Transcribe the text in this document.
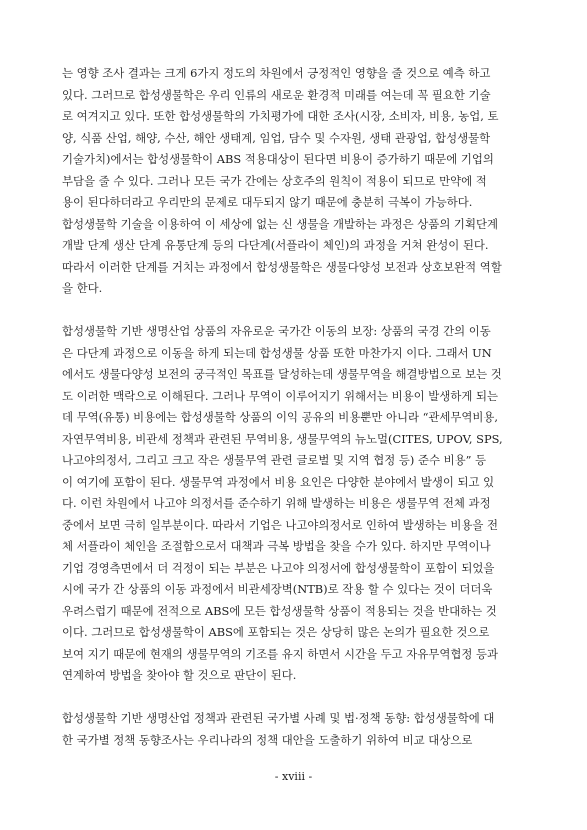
는 영향 조사 결과는 크게 6가지 정도의 차원에서 긍정적인 영향을 줄 것으로 예측 하고
있다. 그러므로 합성생물학은 우리 인류의 새로운 환경적 미래를 여는데 꼭 필요한 기술
로 여겨지고 있다. 또한 합성생물학의 가치평가에 대한 조사(시장, 소비자, 비용, 농업, 토
양, 식품 산업, 해양, 수산, 해안 생태계, 임업, 담수 및 수자원, 생태 관광업, 합성생물학
기술가치)에서는 합성생물학이 ABS 적용대상이 된다면 비용이 증가하기 때문에 기업의
부담을 줄 수 있다. 그러나 모든 국가 간에는 상호주의 원칙이 적용이 되므로 만약에 적
용이 된다하더라고 우리만의 문제로 대두되지 않기 때문에 충분히 극복이 가능하다.
합성생물학 기술을 이용하여 이 세상에 없는 신 생물을 개발하는 과정은 상품의 기획단계
개발 단계 생산 단계 유통단계 등의 다단계(서플라이 체인)의 과정을 거쳐 완성이 된다.
따라서 이러한 단계를 거치는 과정에서 합성생물학은 생물다양성 보전과 상호보완적 역할
을 한다.

합성생물학 기반 생명산업 상품의 자유로운 국가간 이동의 보장: 상품의 국경 간의 이동
은 다단계 과정으로 이동을 하게 되는데 합성생물 상품 또한 마찬가지 이다. 그래서 UN
에서도 생물다양성 보전의 궁극적인 목표를 달성하는데 생물무역을 해결방법으로 보는 것
도 이러한 맥락으로 이해된다. 그러나 무역이 이루어지기 위해서는 비용이 발생하게 되는
데 무역(유통) 비용에는 합성생물학 상품의 이익 공유의 비용뿐만 아니라 “관세무역비용,
자연무역비용, 비관세 정책과 관련된 무역비용, 생물무역의 뉴노멀(CITES, UPOV, SPS,
나고야의정서, 그리고 크고 작은 생물무역 관련 글로벌 및 지역 협정 등) 준수 비용” 등
이 여기에 포함이 된다. 생물무역 과정에서 비용 요인은 다양한 분야에서 발생이 되고 있
다. 이런 차원에서 나고야 의정서를 준수하기 위해 발생하는 비용은 생물무역 전체 과정
중에서 보면 극히 일부분이다. 따라서 기업은 나고야의정서로 인하여 발생하는 비용을 전
체 서플라이 체인을 조절함으로서 대책과 극복 방법을 찾을 수가 있다. 하지만 무역이나
기업 경영측면에서 더 걱정이 되는 부분은 나고야 의정서에 합성생물학이 포함이 되었을
시에 국가 간 상품의 이동 과정에서 비관세장벽(NTB)로 작용 할 수 있다는 것이 더더욱
우려스럽기 때문에 전적으로 ABS에 모든 합성생물학 상품이 적용되는 것을 반대하는 것
이다. 그러므로 합성생물학이 ABS에 포함되는 것은 상당히 많은 논의가 필요한 것으로
보여 지기 때문에 현재의 생물무역의 기조를 유지 하면서 시간을 두고 자유무역협정 등과
연계하여 방법을 찾아야 할 것으로 판단이 된다.

합성생물학 기반 생명산업 정책과 관련된 국가별 사례 및 법·정책 동향: 합성생물학에 대
한 국가별 정책 동향조사는 우리나라의 정책 대안을 도출하기 위하여 비교 대상으로

- xviii -
